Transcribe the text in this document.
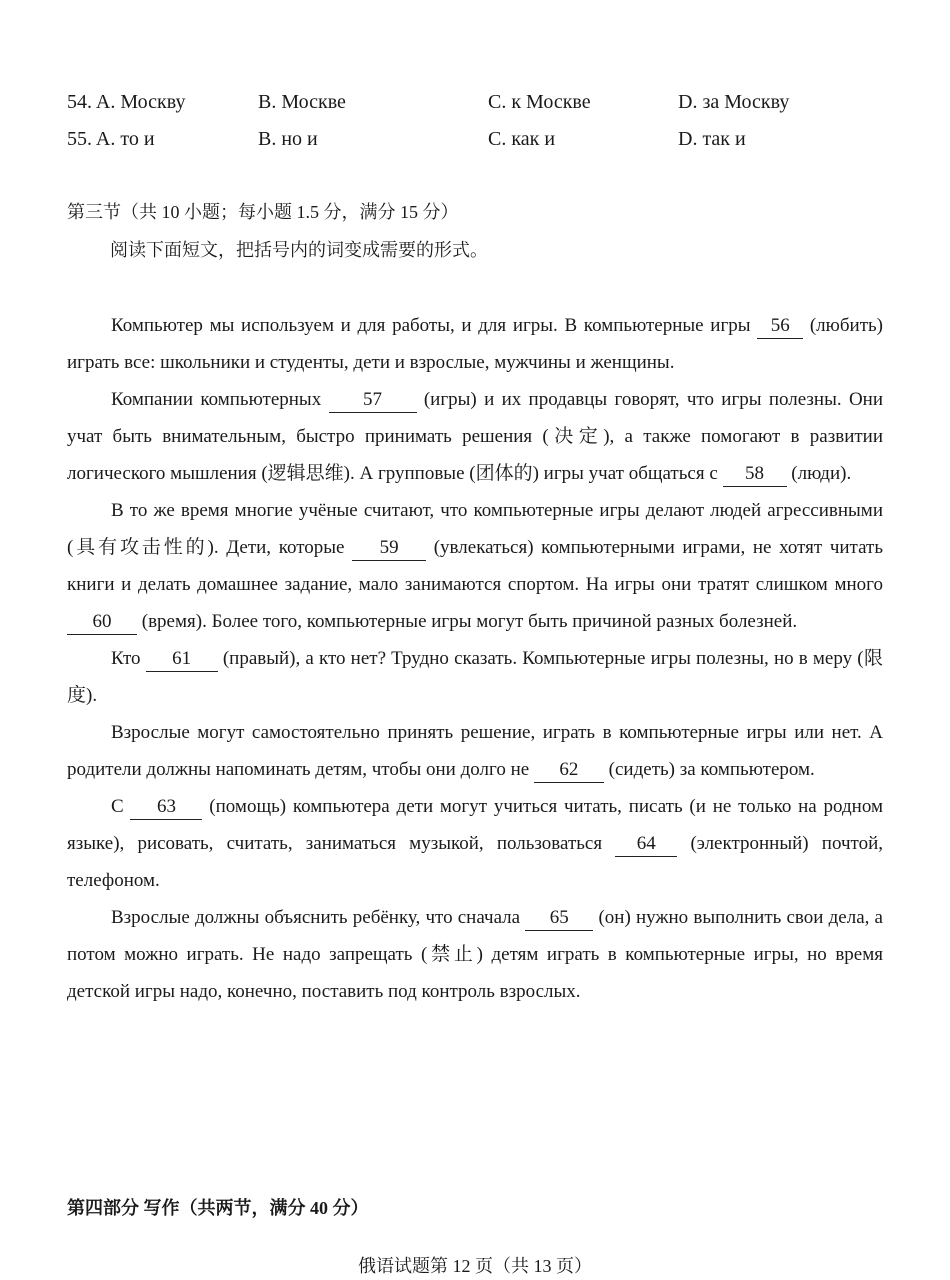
54. A. Москву	B. Москве	C. к Москве	D. за Москву
55. A. то и	B. но и	C. как и	D. так и
第三节（共 10 小题；每小题 1.5 分，满分 15 分）
阅读下面短文，把括号内的词变成需要的形式。

Компьютер мы используем и для работы, и для игры. В компьютерные игры 56 (любить) играть все: школьники и студенты, дети и взрослые, мужчины и женщины.

Компании компьютерных 57 (игры) и их продавцы говорят, что игры полезны. Они учат быть внимательным, быстро принимать решения (决定), а также помогают в развитии логического мышления (逻辑思维). А групповые (团体的) игры учат общаться с 58 (люди).

В то же время многие учёные считают, что компьютерные игры делают людей агрессивными (具有攻击性的). Дети, которые 59 (увлекаться) компьютерными играми, не хотят читать книги и делать домашнее задание, мало занимаются спортом. На игры они тратят слишком много 60 (время). Более того, компьютерные игры могут быть причиной разных болезней.

Кто 61 (правый), а кто нет? Трудно сказать. Компьютерные игры полезны, но в меру (限度).

Взрослые могут самостоятельно принять решение, играть в компьютерные игры или нет. А родители должны напоминать детям, чтобы они долго не 62 (сидеть) за компьютером.

С 63 (помощь) компьютера дети могут учиться читать, писать (и не только на родном языке), рисовать, считать, заниматься музыкой, пользоваться 64 (электронный) почтой, телефоном.

Взрослые должны объяснить ребёнку, что сначала 65 (он) нужно выполнить свои дела, а потом можно играть. Не надо запрещать (禁止) детям играть в компьютерные игры, но время детской игры надо, конечно, поставить под контроль взрослых.

第四部分 写作（共两节，满分 40 分）
俄语试题第 12 页（共 13 页）
